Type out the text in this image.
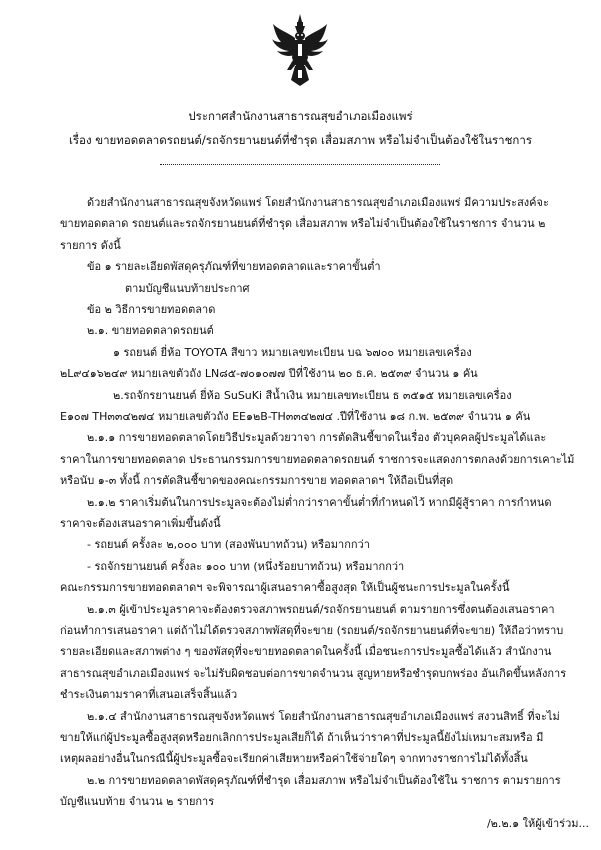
ประกาศสำนักงานสาธารณสุขอำเภอเมืองแพร่
เรื่อง ขายทอดตลาดรถยนต์/รถจักรยานยนต์ที่ชำรุด เสื่อมสภาพ หรือไม่จำเป็นต้องใช้ในราชการ
ด้วยสำนักงานสาธารณสุขจังหวัดแพร่ โดยสำนักงานสาธารณสุขอำเภอเมืองแพร่ มีความประสงค์จะ
ขายทอดตลาด รถยนต์และรถจักรยานยนต์ที่ชำรุด เสื่อมสภาพ หรือไม่จำเป็นต้องใช้ในราชการ จำนวน ๒
รายการ ดังนี้
ข้อ ๑ รายละเอียดพัสดุครุภัณฑ์ที่ขายทอดตลาดและราคาขั้นต่ำ
ตามบัญชีแนบท้ายประกาศ
ข้อ ๒ วิธีการขายทอดตลาด
๒.๑. ขายทอดตลาดรถยนต์
๑ รถยนต์ ยี่ห้อ TOYOTA สีขาว หมายเลขทะเบียน บฉ ๖๗๐๐ หมายเลขเครื่อง
๒L๙๔๑๖๒๔๙ หมายเลขตัวถัง LN๘๕-๗๐๑๐๗๗ ปีที่ใช้งาน ๒๐ ธ.ค. ๒๕๓๙ จำนวน ๑ คัน
๒.รถจักรยานยนต์ ยี่ห้อ SuSuKi สีน้ำเงิน หมายเลขทะเบียน ธ ๓๕๑๕ หมายเลขเครื่อง
E๑๐๗ TH๓๓๔๒๗๔ หมายเลขตัวถัง EE๑๒B-TH๓๓๔๒๗๔ .ปีที่ใช้งาน ๑๘ ก.พ. ๒๕๓๙ จำนวน ๑ คัน
๒.๑.๑ การขายทอดตลาดโดยวิธีประมูลด้วยวาจา การตัดสินชี้ขาดในเรื่อง ตัวบุคคลผู้ประมูลได้และ
ราคาในการขายทอดตลาด ประธานกรรมการขายทอดตลาดรถยนต์ ราชการจะแสดงการตกลงด้วยการเคาะไม้
หรือนับ ๑-๓ ทั้งนี้ การตัดสินชี้ขาดของคณะกรรมการขาย ทอดตลาดฯ ให้ถือเป็นที่สุด
๒.๑.๒ ราคาเริ่มต้นในการประมูลจะต้องไม่ต่ำกว่าราคาขั้นต่ำที่กำหนดไว้ หากมีผู้สู้ราคา การกำหนด
ราคาจะต้องเสนอราคาเพิ่มขึ้นดังนี้
- รถยนต์ ครั้งละ ๒,๐๐๐ บาท (สองพันบาทถ้วน) หรือมากกว่า
- รถจักรยานยนต์ ครั้งละ ๑๐๐ บาท (หนึ่งร้อยบาทถ้วน) หรือมากกว่า
คณะกรรมการขายทอดตลาดฯ จะพิจารณาผู้เสนอราคาซื้อสูงสุด ให้เป็นผู้ชนะการประมูลในครั้งนี้
๒.๑.๓ ผู้เข้าประมูลราคาจะต้องตรวจสภาพรถยนต์/รถจักรยานยนต์ ตามรายการซึ่งตนต้องเสนอราคา
ก่อนทำการเสนอราคา แต่ถ้าไม่ได้ตรวจสภาพพัสดุที่จะขาย (รถยนต์/รถจักรยานยนต์ที่จะขาย) ให้ถือว่าทราบ
รายละเอียดและสภาพต่าง ๆ ของพัสดุที่จะขายทอดตลาดในครั้งนี้ เมื่อชนะการประมูลซื้อได้แล้ว สำนักงาน
สาธารณสุขอำเภอเมืองแพร่ จะไม่รับผิดชอบต่อการขาดจำนวน สูญหายหรือชำรุดบกพร่อง อันเกิดขึ้นหลังการ
ชำระเงินตามราคาที่เสนอเสร็จสิ้นแล้ว
๒.๑.๔ สำนักงานสาธารณสุขจังหวัดแพร่ โดยสำนักงานสาธารณสุขอำเภอเมืองแพร่ สงวนสิทธิ์ ที่จะไม่
ขายให้แก่ผู้ประมูลซื้อสูงสุดหรือยกเลิกการประมูลเสียก็ได้ ถ้าเห็นว่าราคาที่ประมูลนี้ยังไม่เหมาะสมหรือ มี
เหตุผลอย่างอื่นในกรณีนี้ผู้ประมูลซื้อจะเรียกค่าเสียหายหรือค่าใช้จ่ายใดๆ จากทางราชการไม่ได้ทั้งสิ้น
๒.๒ การขายทอดตลาดพัสดุครุภัณฑ์ที่ชำรุด เสื่อมสภาพ หรือไม่จำเป็นต้องใช้ใน ราชการ ตามรายการ
บัญชีแนบท้าย จำนวน ๒ รายการ
/๒.๒.๑ ให้ผู้เข้าร่วม...
